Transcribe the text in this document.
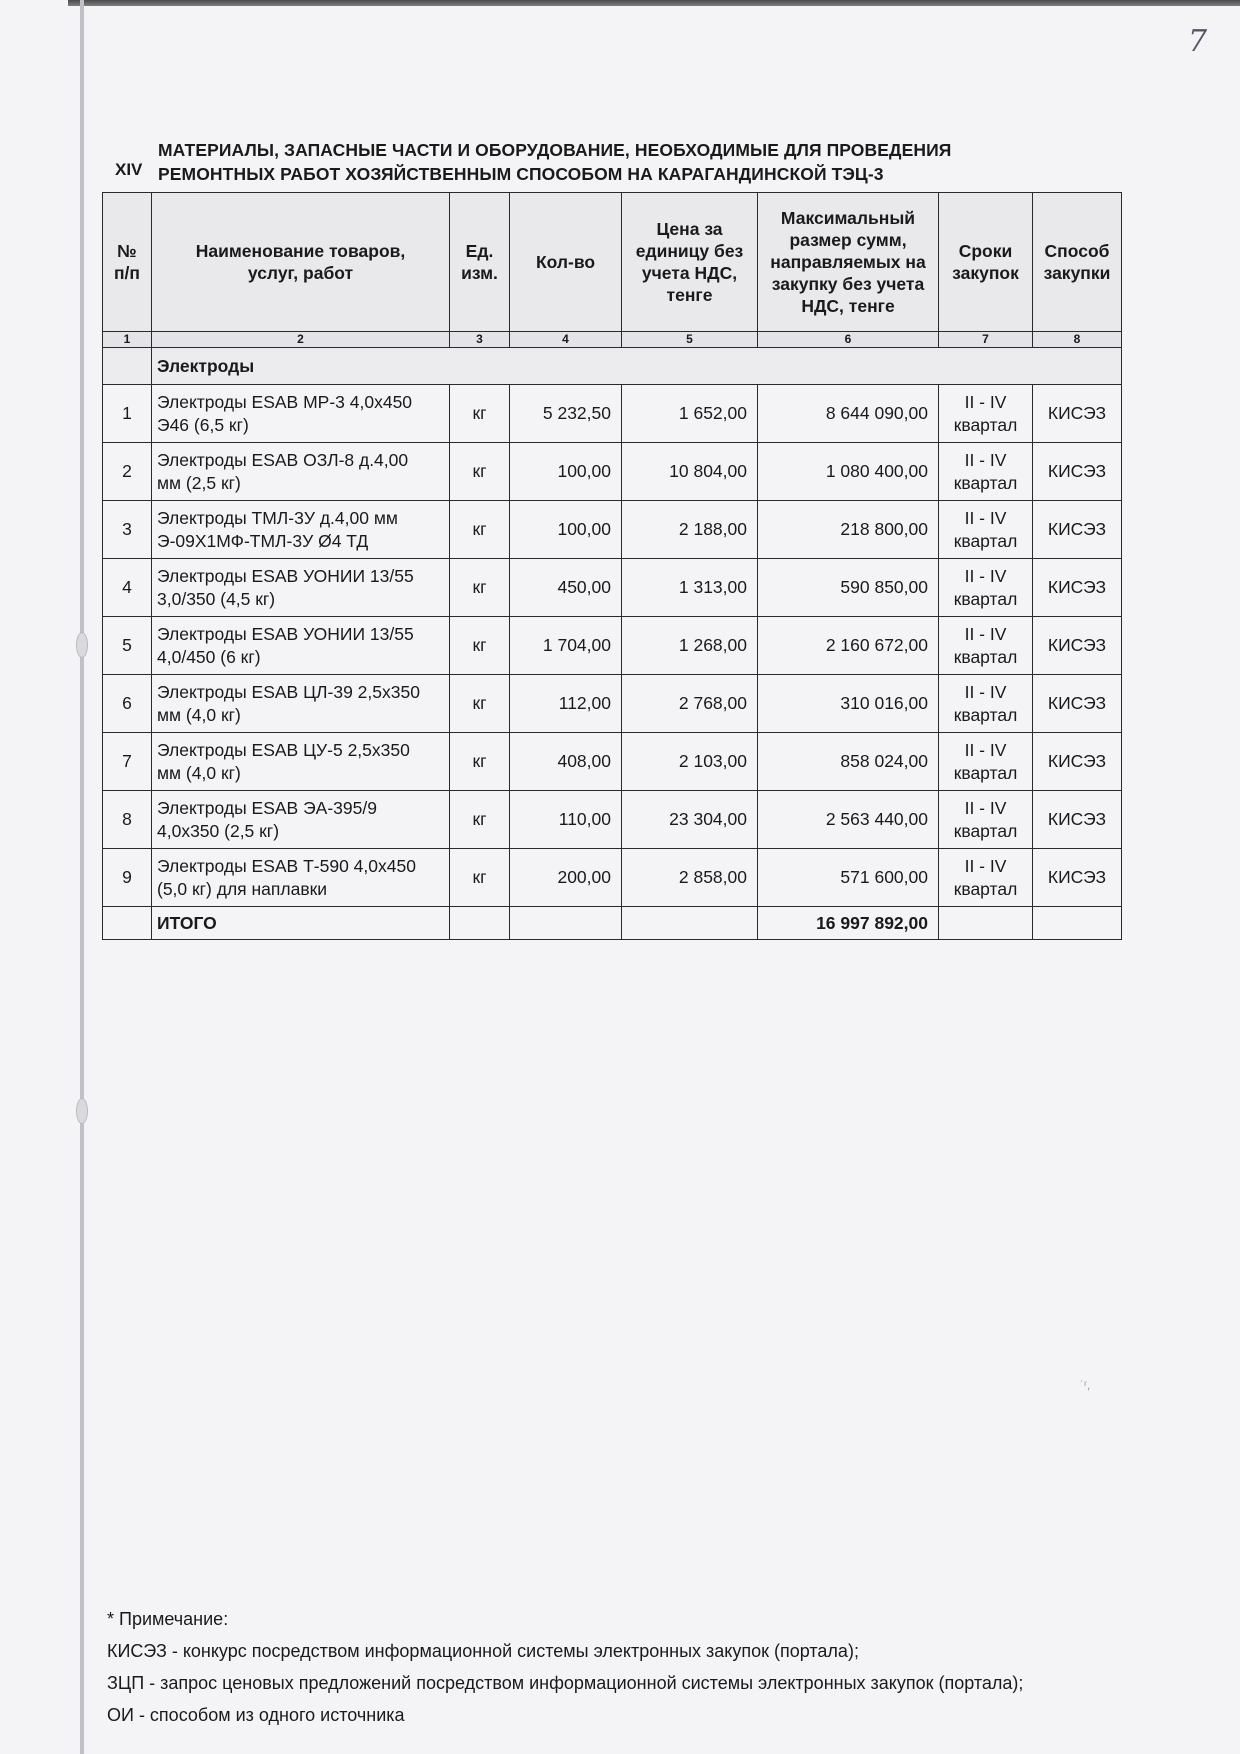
7
XIV
МАТЕРИАЛЫ, ЗАПАСНЫЕ ЧАСТИ И ОБОРУДОВАНИЕ, НЕОБХОДИМЫЕ ДЛЯ ПРОВЕДЕНИЯ
РЕМОНТНЫХ РАБОТ ХОЗЯЙСТВЕННЫМ СПОСОБОМ НА КАРАГАНДИНСКОЙ ТЭЦ-3
№
п/п	Наименование товаров,
услуг, работ	Ед.
изм.	Кол-во	Цена за
единицу без
учета НДС,
тенге	Максимальный
размер сумм,
направляемых на
закупку без учета
НДС, тенге	Сроки
закупок	Способ
закупки
1	2	3	4	5	6	7	8
	Электроды						
1	Электроды ESAB МР-3 4,0х450
Э46 (6,5 кг)	кг	5 232,50	1 652,00	8 644 090,00	II - IV
квартал	КИСЭЗ
2	Электроды ESAB ОЗЛ-8 д.4,00
мм (2,5 кг)	кг	100,00	10 804,00	1 080 400,00	II - IV
квартал	КИСЭЗ
3	Электроды ТМЛ-3У д.4,00 мм
Э-09Х1МФ-ТМЛ-3У Ø4 ТД	кг	100,00	2 188,00	218 800,00	II - IV
квартал	КИСЭЗ
4	Электроды ESAB УОНИИ 13/55
3,0/350 (4,5 кг)	кг	450,00	1 313,00	590 850,00	II - IV
квартал	КИСЭЗ
5	Электроды ESAB УОНИИ 13/55
4,0/450 (6 кг)	кг	1 704,00	1 268,00	2 160 672,00	II - IV
квартал	КИСЭЗ
6	Электроды ESAB ЦЛ-39 2,5х350
мм (4,0 кг)	кг	112,00	2 768,00	310 016,00	II - IV
квартал	КИСЭЗ
7	Электроды ESAB ЦУ-5 2,5х350
мм (4,0 кг)	кг	408,00	2 103,00	858 024,00	II - IV
квартал	КИСЭЗ
8	Электроды ESAB ЭА-395/9
4,0х350 (2,5 кг)	кг	110,00	23 304,00	2 563 440,00	II - IV
квартал	КИСЭЗ
9	Электроды ESAB Т-590 4,0х450
(5,0 кг) для наплавки	кг	200,00	2 858,00	571 600,00	II - IV
квартал	КИСЭЗ
	ИТОГО				16 997 892,00		
˙ʳ,
* Примечание:
КИСЭЗ - конкурс посредством информационной системы электронных закупок (портала);
ЗЦП - запрос ценовых предложений посредством информационной системы электронных закупок (портала);
ОИ - способом из одного источника
